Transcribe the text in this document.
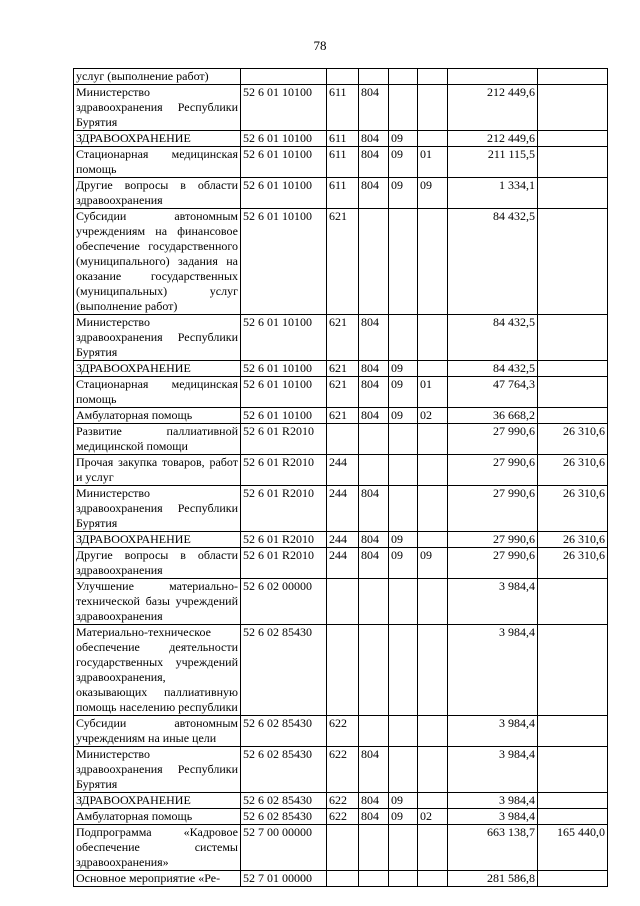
78
услуг (выполнение работ)							
Министерство здравоохранения Республики Бурятия	52 6 01 10100	611	804			212 449,6	
ЗДРАВООХРАНЕНИЕ	52 6 01 10100	611	804	09		212 449,6	
Стационарная медицинская помощь	52 6 01 10100	611	804	09	01	211 115,5	
Другие вопросы в области здравоохранения	52 6 01 10100	611	804	09	09	1 334,1	
Субсидии автономным учреждениям на финансовое обеспечение государственного (муниципального) задания на оказание государственных (муниципальных) услуг (выполнение работ)	52 6 01 10100	621				84 432,5	
Министерство здравоохранения Республики Бурятия	52 6 01 10100	621	804			84 432,5	
ЗДРАВООХРАНЕНИЕ	52 6 01 10100	621	804	09		84 432,5	
Стационарная медицинская помощь	52 6 01 10100	621	804	09	01	47 764,3	
Амбулаторная помощь	52 6 01 10100	621	804	09	02	36 668,2	
Развитие паллиативной медицинской помощи	52 6 01 R2010					27 990,6	26 310,6
Прочая закупка товаров, работ и услуг	52 6 01 R2010	244				27 990,6	26 310,6
Министерство здравоохранения Республики Бурятия	52 6 01 R2010	244	804			27 990,6	26 310,6
ЗДРАВООХРАНЕНИЕ	52 6 01 R2010	244	804	09		27 990,6	26 310,6
Другие вопросы в области здравоохранения	52 6 01 R2010	244	804	09	09	27 990,6	26 310,6
Улучшение материально-технической базы учреждений здравоохранения	52 6 02 00000					3 984,4	
Материально-техническое обеспечение деятельности государственных учреждений здравоохранения, оказывающих паллиативную помощь населению республики	52 6 02 85430					3 984,4	
Субсидии автономным учреждениям на иные цели	52 6 02 85430	622				3 984,4	
Министерство здравоохранения Республики Бурятия	52 6 02 85430	622	804			3 984,4	
ЗДРАВООХРАНЕНИЕ	52 6 02 85430	622	804	09		3 984,4	
Амбулаторная помощь	52 6 02 85430	622	804	09	02	3 984,4	
Подпрограмма «Кадровое обеспечение системы здравоохранения»	52 7 00 00000					663 138,7	165 440,0
Основное мероприятие «Ре-	52 7 01 00000					281 586,8	
